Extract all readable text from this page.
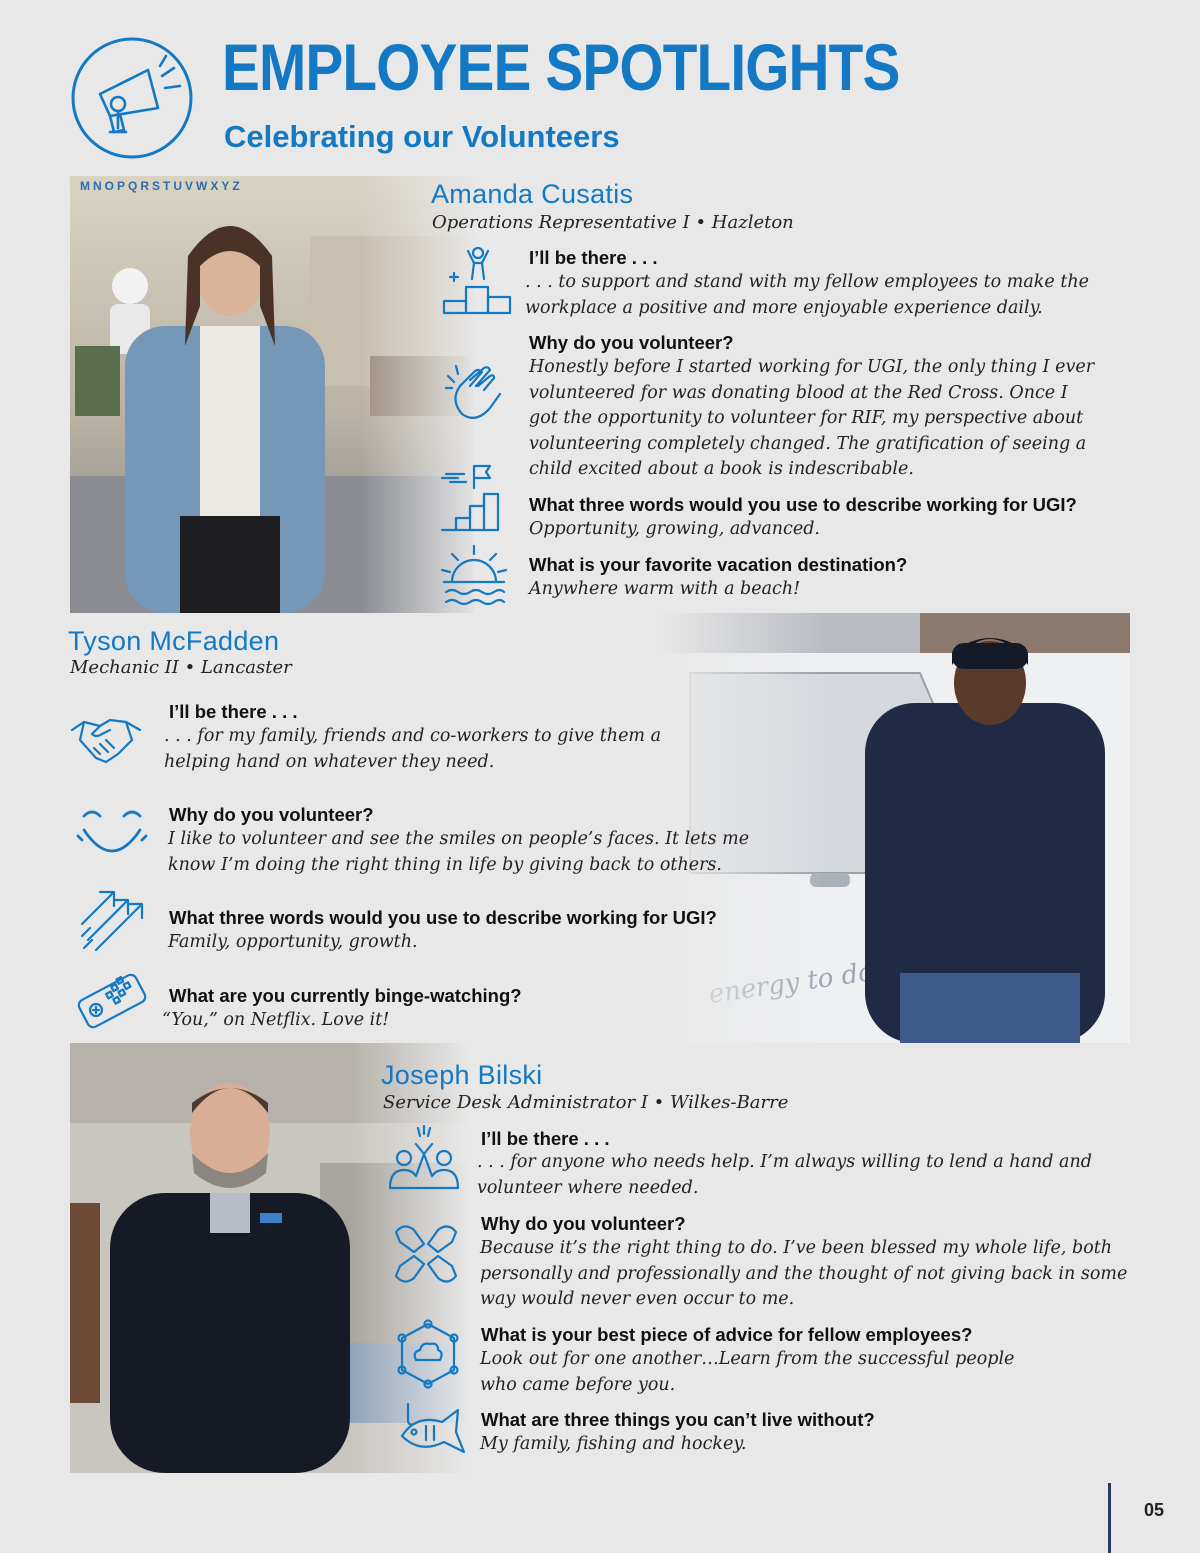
EMPLOYEE SPOTLIGHTS
Celebrating our Volunteers
Amanda Cusatis
Operations Representative I • Hazleton
I’ll be there . . .
. . . to support and stand with my fellow employees to make the workplace a positive and more enjoyable experience daily.
Why do you volunteer?
Honestly before I started working for UGI, the only thing I ever volunteered for was donating blood at the Red Cross. Once I got the opportunity to volunteer for RIF, my perspective about volunteering completely changed. The gratification of seeing a child excited about a book is indescribable.
What three words would you use to describe working for UGI?
Opportunity, growing, advanced.
What is your favorite vacation destination?
Anywhere warm with a beach!
Tyson McFadden
Mechanic II • Lancaster
I’ll be there . . .
. . . for my family, friends and co-workers to give them a helping hand on whatever they need.
Why do you volunteer?
I like to volunteer and see the smiles on people’s faces. It lets me know I’m doing the right thing in life by giving back to others.
What three words would you use to describe working for UGI?
Family, opportunity, growth.
What are you currently binge-watching?
“You,” on Netflix. Love it!
Joseph Bilski
Service Desk Administrator I • Wilkes-Barre
I’ll be there . . .
. . . for anyone who needs help. I’m always willing to lend a hand and volunteer where needed.
Why do you volunteer?
Because it’s the right thing to do. I’ve been blessed my whole life, both personally and professionally and the thought of not giving back in some way would never even occur to me.
What is your best piece of advice for fellow employees?
Look out for one another…Learn from the successful people who came before you.
What are three things you can’t live without?
My family, fishing and hockey.
05
